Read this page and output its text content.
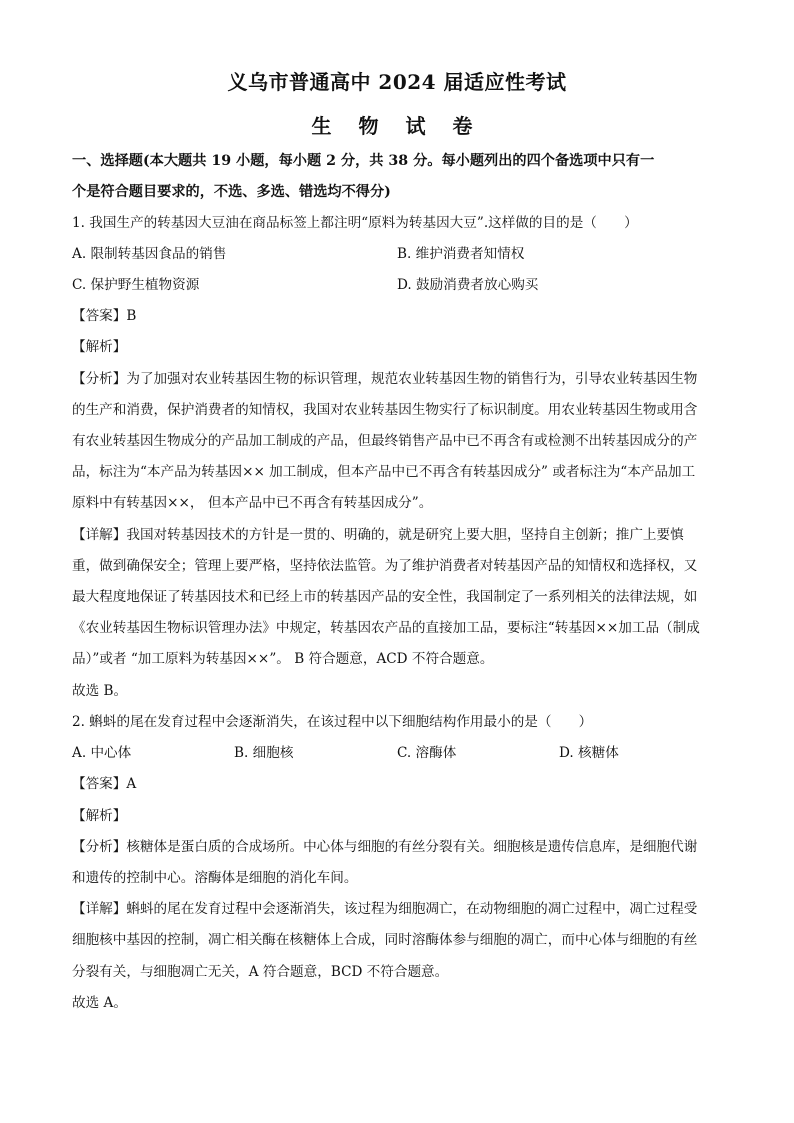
义乌市普通高中 2024 届适应性考试
生 物 试 卷
一、选择题(本大题共 19 小题，每小题 2 分，共 38 分。每小题列出的四个备选项中只有一
个是符合题目要求的，不选、多选、错选均不得分)
1. 我国生产的转基因大豆油在商品标签上都注明“原料为转基因大豆”.这样做的目的是（　　）
A. 限制转基因食品的销售	B. 维护消费者知情权
C. 保护野生植物资源	D. 鼓励消费者放心购买
【答案】B
【解析】
【分析】为了加强对农业转基因生物的标识管理，规范农业转基因生物的销售行为，引导农业转基因生物
的生产和消费，保护消费者的知情权，我国对农业转基因生物实行了标识制度。用农业转基因生物或用含
有农业转基因生物成分的产品加工制成的产品，但最终销售产品中已不再含有或检测不出转基因成分的产
品，标注为“本产品为转基因×× 加工制成，但本产品中已不再含有转基因成分” 或者标注为“本产品加工
原料中有转基因××， 但本产品中已不再含有转基因成分”。
【详解】我国对转基因技术的方针是一贯的、明确的，就是研究上要大胆，坚持自主创新；推广上要慎
重，做到确保安全；管理上要严格，坚持依法监管。为了维护消费者对转基因产品的知情权和选择权，又
最大程度地保证了转基因技术和已经上市的转基因产品的安全性，我国制定了一系列相关的法律法规，如
《农业转基因生物标识管理办法》中规定，转基因农产品的直接加工品，要标注“转基因××加工品（制成
品）”或者 “加工原料为转基因××”。 B 符合题意，ACD 不符合题意。
故选 B。
2. 蝌蚪的尾在发育过程中会逐渐消失，在该过程中以下细胞结构作用最小的是（　　）
A. 中心体	B. 细胞核	C. 溶酶体	D. 核糖体
【答案】A
【解析】
【分析】核糖体是蛋白质的合成场所。中心体与细胞的有丝分裂有关。细胞核是遗传信息库，是细胞代谢
和遗传的控制中心。溶酶体是细胞的消化车间。
【详解】蝌蚪的尾在发育过程中会逐渐消失，该过程为细胞凋亡，在动物细胞的凋亡过程中，凋亡过程受
细胞核中基因的控制，凋亡相关酶在核糖体上合成，同时溶酶体参与细胞的凋亡，而中心体与细胞的有丝
分裂有关，与细胞凋亡无关，A 符合题意，BCD 不符合题意。
故选 A。
